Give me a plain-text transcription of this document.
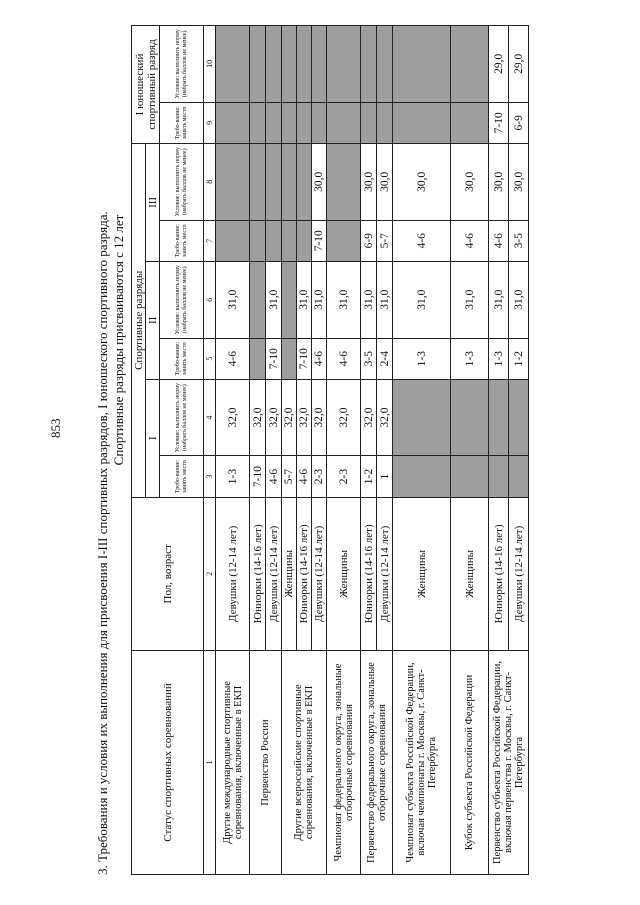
853 3. Требования и условия их выполнения для присвоения I-III спортивных разрядов, I юношеского спортивного разряда. Спортивные разряды присваиваются с 12 лет
Статус спортивных соревнований	Пол, возраст	Спортивные разряды						I юношеский спортивный разряд	
		I		II		III			
		Требо-вание: занять место	Условие: выполнить норму (набрать баллов не менее)	Требо-вание: занять место	Условие: выполнить норму (набрать баллов не менее)	Требо-вание: занять место	Условие: выполнить норму (набрать баллов не менее)	Требо-вание: занять место	Условие: выполнить норму (набрать баллов не менее)
1	2	3	4	5	6	7	8	9	10
Другие международные спортивные соревнования, включенные в ЕКП	Девушки (12-14 лет)	1-3	32,0	4-6	31,0				
Первенство России	Юниорки (14-16 лет)	7-10	32,0						
	Девушки (12-14 лет)	4-6	32,0	7-10	31,0				
Другие всероссийские спортивные соревнования, включенные в ЕКП	Женщины	5-7	32,0						
	Юниорки (14-16 лет)	4-6	32,0	7-10	31,0				
	Девушки (12-14 лет)	2-3	32,0	4-6	31,0	7-10	30,0		
Чемпионат федерального округа, зональные отборочные соревнования	Женщины	2-3	32,0	4-6	31,0				
Первенство федерального округа, зональные отборочные соревнования	Юниорки (14-16 лет)	1-2	32,0	3-5	31,0	6-9	30,0		
	Девушки (12-14 лет)	1	32,0	2-4	31,0	5-7	30,0		
Чемпионат субъекта Российской Федерации, включая чемпионаты г. Москвы, г. Санкт-Петербурга	Женщины			1-3	31,0	4-6	30,0		
Кубок субъекта Российской Федерации	Женщины			1-3	31,0	4-6	30,0		
Первенство субъекта Российской Федерации, включая первенства г. Москвы, г. Санкт-Петербурга	Юниорки (14-16 лет)			1-3	31,0	4-6	30,0	7-10	29,0
	Девушки (12-14 лет)			1-2	31,0	3-5	30,0	6-9	29,0
